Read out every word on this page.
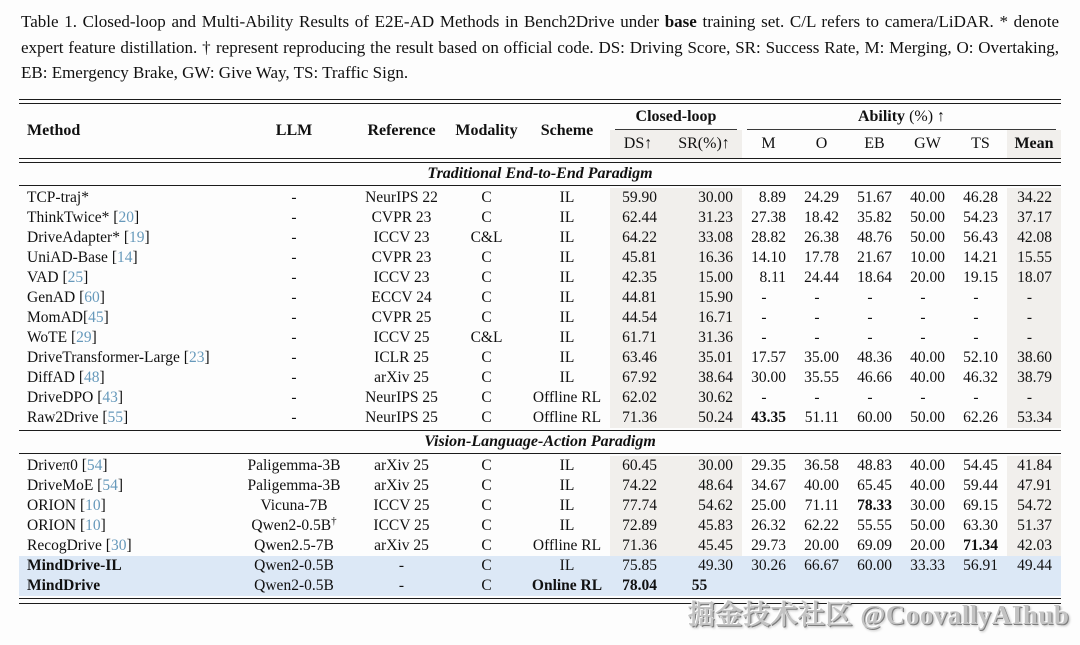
Table 1. Closed-loop and Multi-Ability Results of E2E-AD Methods in Bench2Drive under base training set. C/L refers to camera/LiDAR. * denote expert feature distillation. † represent reproducing the result based on official code. DS: Driving Score, SR: Success Rate, M: Merging, O: Overtaking, EB: Emergency Brake, GW: Give Way, TS: Traffic Sign.

Method	LLM	Reference	Modality	Scheme
Closed-loop
DS↑	SR(%)↑
Ability (%) ↑
M	O	EB	GW	TS	Mean
Traditional End-to-End Paradigm
TCP-traj*	-	NeurIPS 22	C	IL	59.90	30.00	8.89	24.29	51.67	40.00	46.28	34.22
ThinkTwice* [20]	-	CVPR 23	C	IL	62.44	31.23	27.38	18.42	35.82	50.00	54.23	37.17
DriveAdapter* [19]	-	ICCV 23	C&L	IL	64.22	33.08	28.82	26.38	48.76	50.00	56.43	42.08
UniAD-Base [14]	-	CVPR 23	C	IL	45.81	16.36	14.10	17.78	21.67	10.00	14.21	15.55
VAD [25]	-	ICCV 23	C	IL	42.35	15.00	8.11	24.44	18.64	20.00	19.15	18.07
GenAD [60]	-	ECCV 24	C	IL	44.81	15.90	-	-	-	-	-	-
MomAD[45]	-	CVPR 25	C	IL	44.54	16.71	-	-	-	-	-	-
WoTE [29]	-	ICCV 25	C&L	IL	61.71	31.36	-	-	-	-	-	-
DriveTransformer-Large [23]	-	ICLR 25	C	IL	63.46	35.01	17.57	35.00	48.36	40.00	52.10	38.60
DiffAD [48]	-	arXiv 25	C	IL	67.92	38.64	30.00	35.55	46.66	40.00	46.32	38.79
DriveDPO [43]	-	NeurIPS 25	C	Offline RL	62.02	30.62	-	-	-	-	-	-
Raw2Drive [55]	-	NeurIPS 25	C	Offline RL	71.36	50.24	43.35	51.11	60.00	50.00	62.26	53.34
Vision-Language-Action Paradigm
Driveπ0 [54]	Paligemma-3B	arXiv 25	C	IL	60.45	30.00	29.35	36.58	48.83	40.00	54.45	41.84
DriveMoE [54]	Paligemma-3B	arXiv 25	C	IL	74.22	48.64	34.67	40.00	65.45	40.00	59.44	47.91
ORION [10]	Vicuna-7B	ICCV 25	C	IL	77.74	54.62	25.00	71.11	78.33	30.00	69.15	54.72
ORION [10]	Qwen2-0.5B†	ICCV 25	C	IL	72.89	45.83	26.32	62.22	55.55	50.00	63.30	51.37
RecogDrive [30]	Qwen2.5-7B	arXiv 25	C	Offline RL	71.36	45.45	29.73	20.00	69.09	20.00	71.34	42.03
MindDrive-IL	Qwen2-0.5B	-	C	IL	75.85	49.30	30.26	66.67	60.00	33.33	56.91	49.44
MindDrive	Qwen2-0.5B	-	C	Online RL	78.04	55
掘金技术社区 @CoovallyAIhub
